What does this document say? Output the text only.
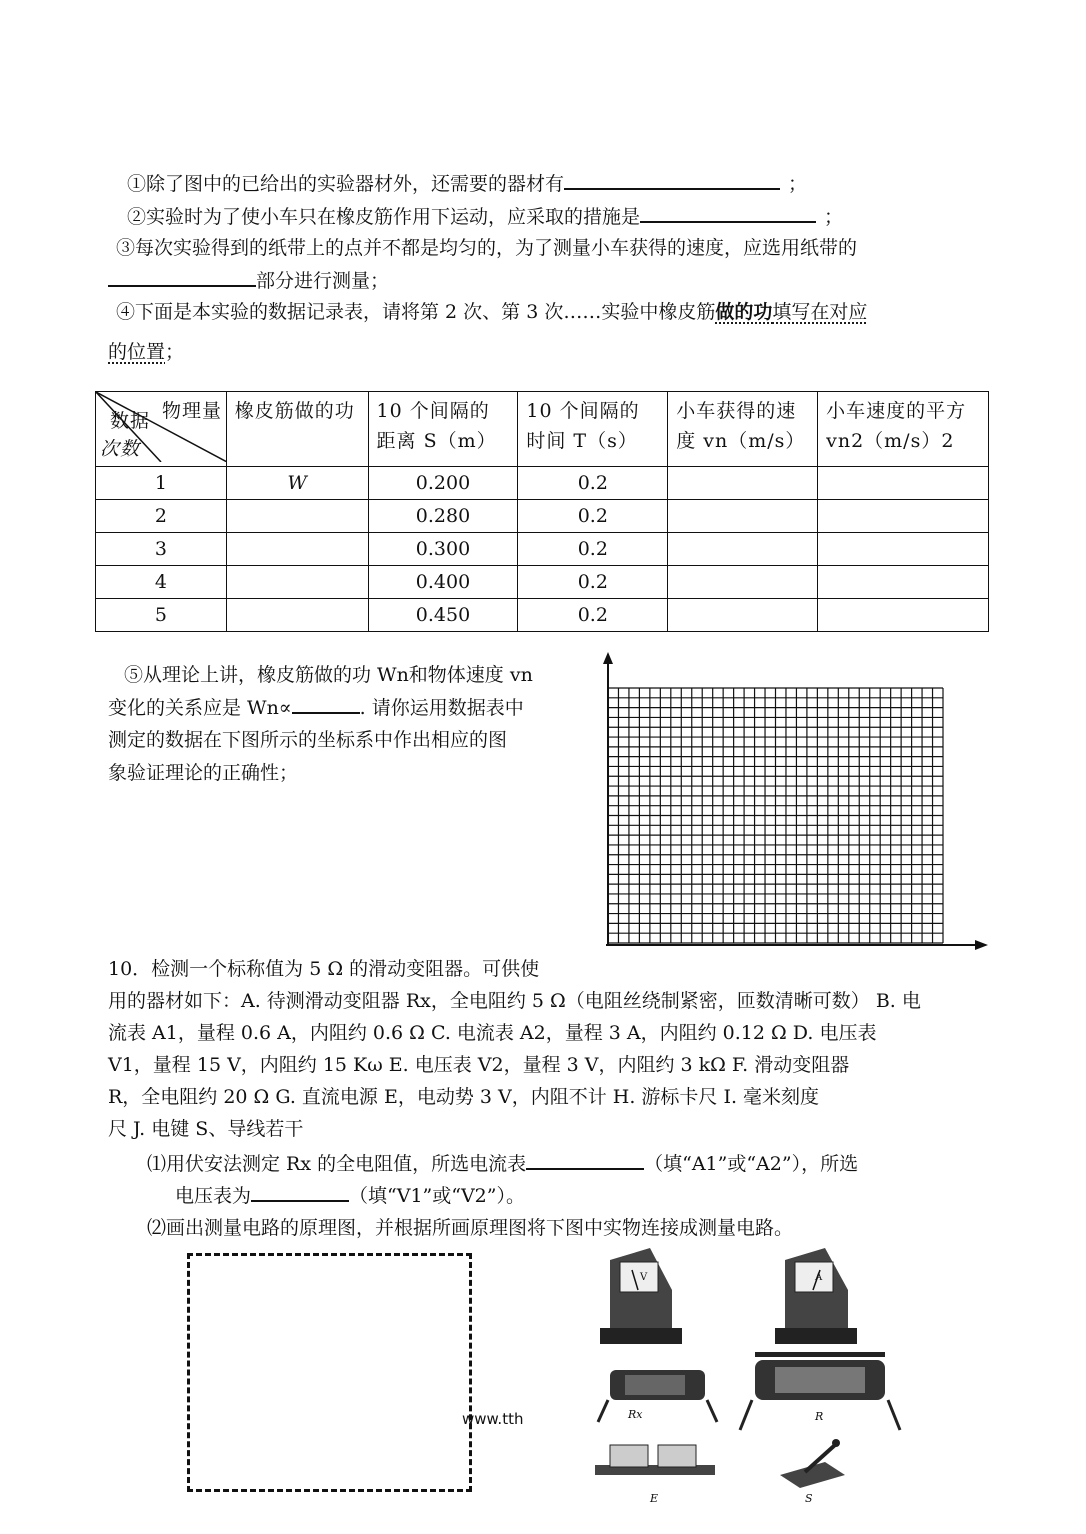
①除了图中的已给出的实验器材外，还需要的器材有	；
②实验时为了使小车只在橡皮筋作用下运动，应采取的措施是	；
③每次实验得到的纸带上的点并不都是均匀的，为了测量小车获得的速度，应选用纸带的
部分进行测量；
④下面是本实验的数据记录表，请将第 2 次、第 3 次……实验中橡皮筋做的功填写在对应
的位置；
物理量
数据
次数	橡皮筋做的功	10 个间隔的距离 S（m）	10 个间隔的时间 T（s）	小车获得的速度 vn（m/s）	小车速度的平方 vn2（m/s）2
1	W	0.200	0.2		
2		0.280	0.2		
3		0.300	0.2		
4		0.400	0.2		
5		0.450	0.2		
⑤从理论上讲，橡皮筋做的功 Wn和物体速度 vn
变化的关系应是 Wn∝	. 请你运用数据表中
测定的数据在下图所示的坐标系中作出相应的图
象验证理论的正确性；
10．检测一个标称值为 5 Ω 的滑动变阻器。可供使
用的器材如下：A. 待测滑动变阻器 Rx，全电阻约 5 Ω（电阻丝绕制紧密，匝数清晰可数） B. 电
流表 A1，量程 0.6 A，内阻约 0.6 Ω C. 电流表 A2，量程 3 A，内阻约 0.12 Ω D. 电压表
V1，量程 15 V，内阻约 15 Kω E. 电压表 V2，量程 3 V，内阻约 3 kΩ F. 滑动变阻器
R，全电阻约 20 Ω G. 直流电源 E，电动势 3 V，内阻不计 H. 游标卡尺 I. 毫米刻度
尺 J. 电键 S、导线若干
⑴用伏安法测定 Rx 的全电阻值，所选电流表	（填“A1”或“A2”），所选
电压表为	（填“V1”或“V2”）。
⑵画出测量电路的原理图，并根据所画原理图将下图中实物连接成测量电路。
V	A
Rx	R
E	S
www.tth
